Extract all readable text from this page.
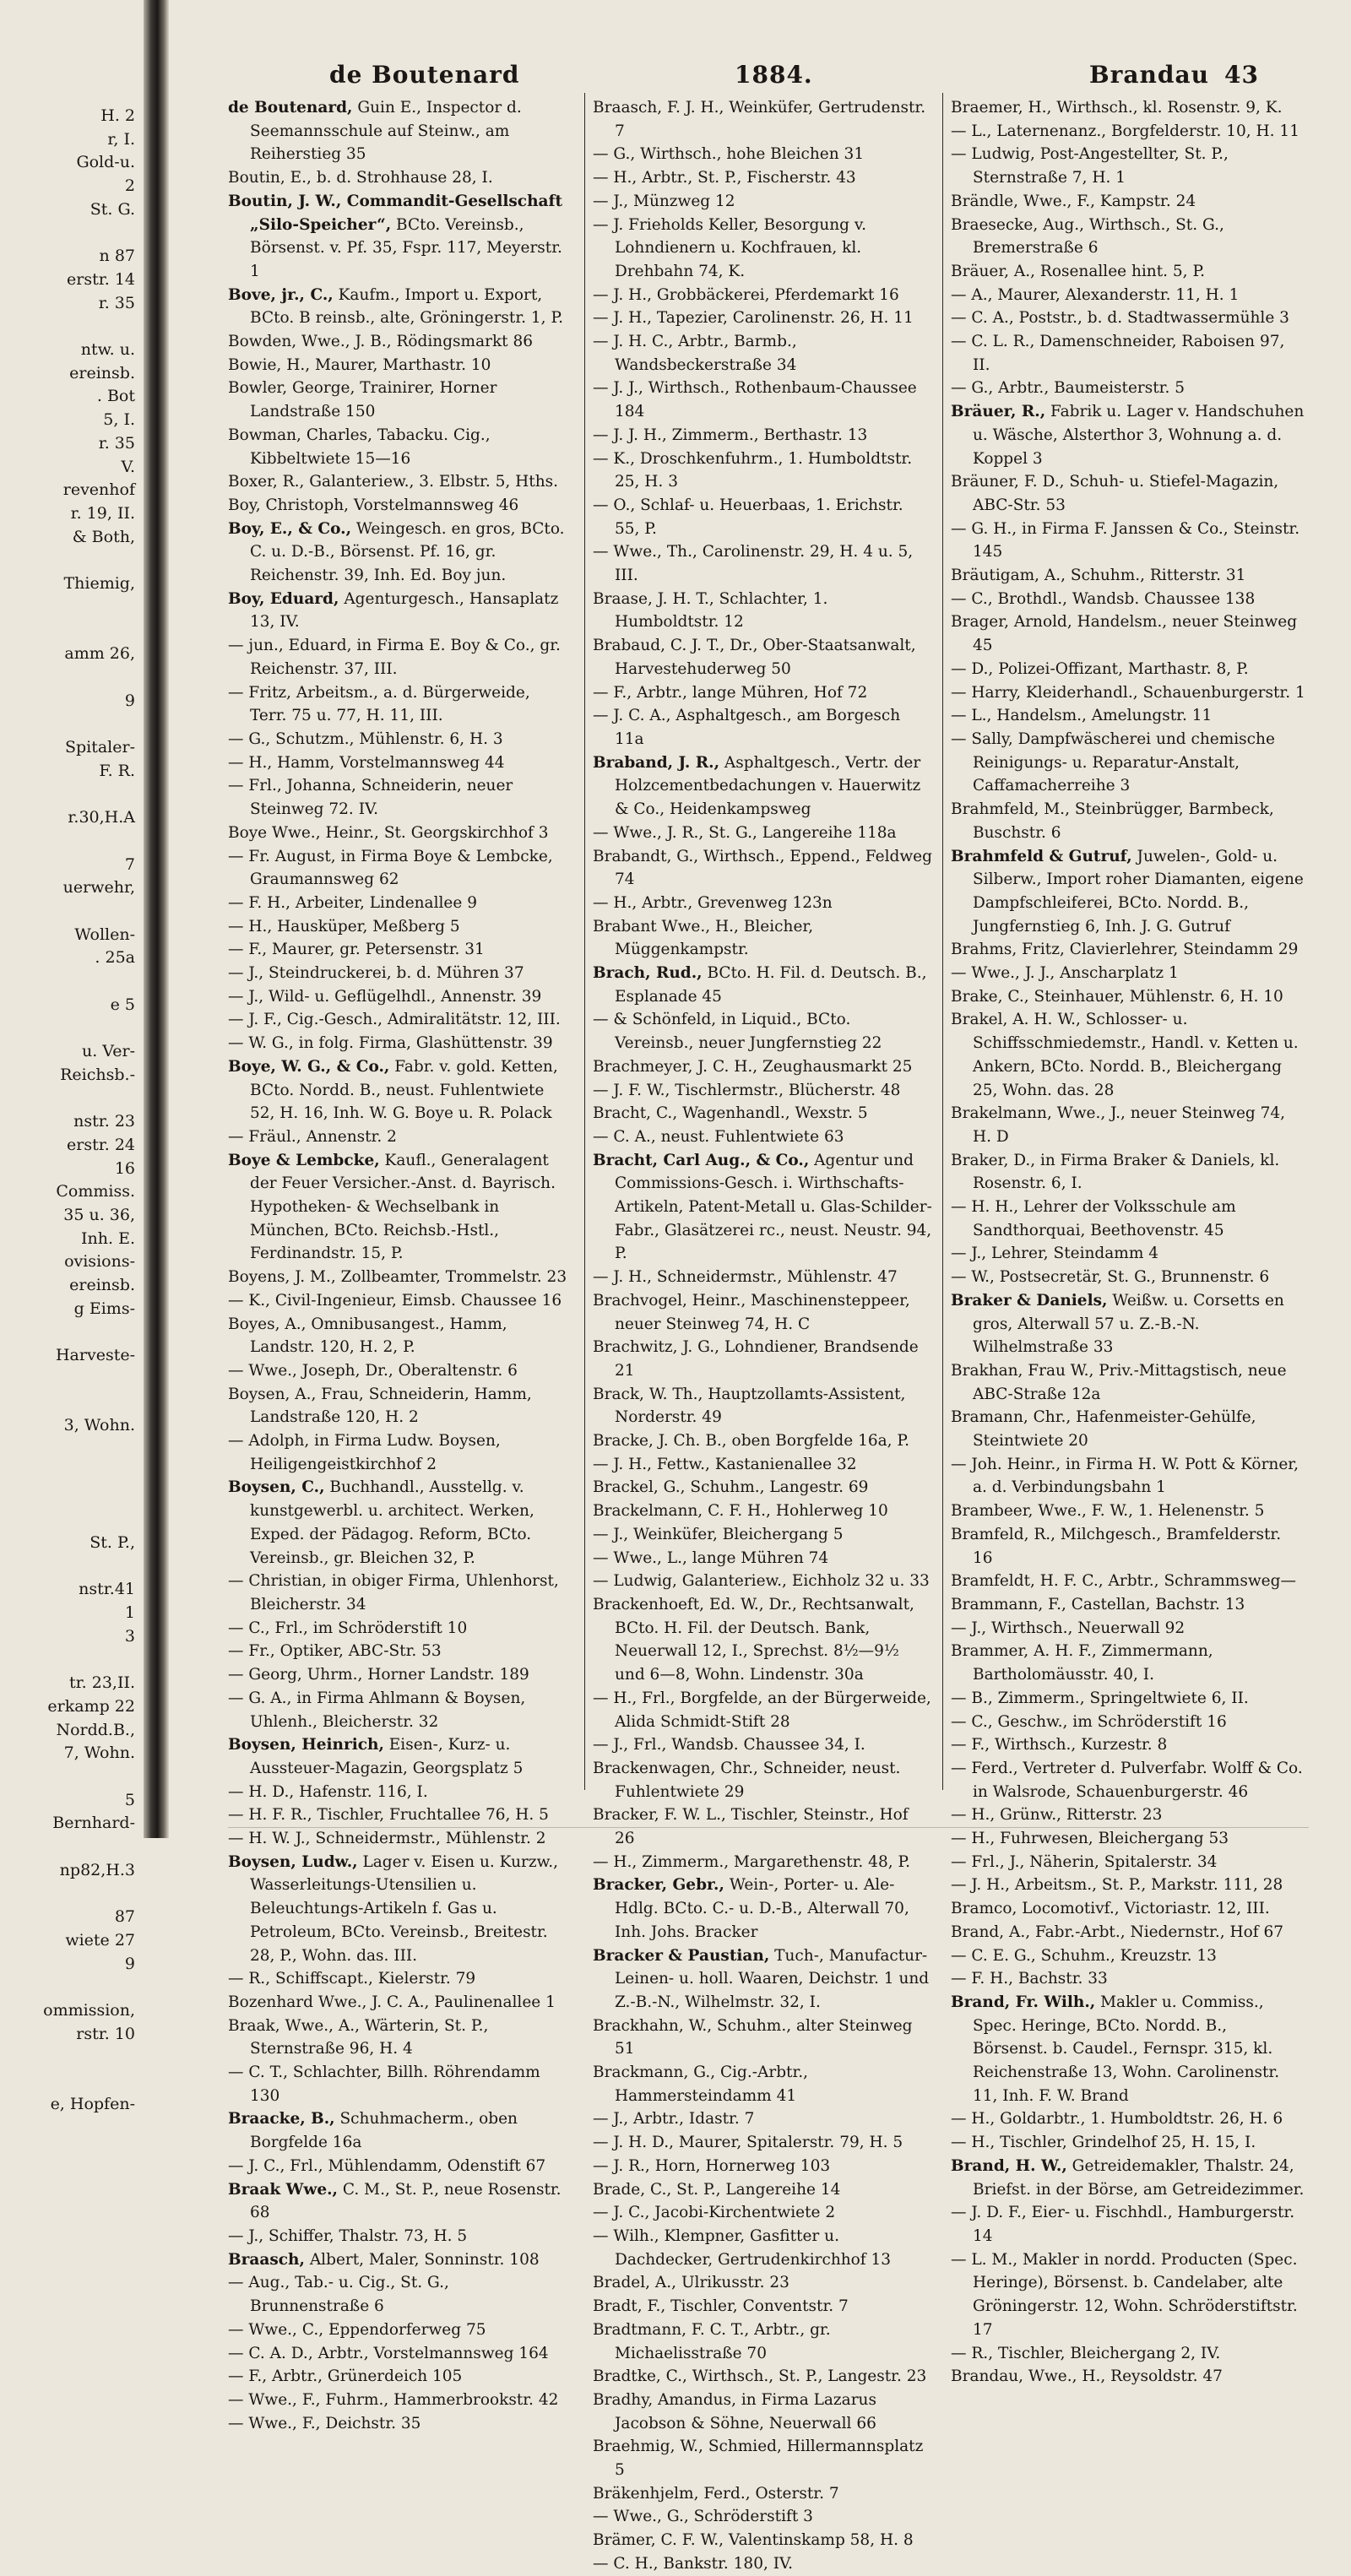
H. 2
r, I.
Gold-u.
2
St. G.

n 87
erstr. 14
r. 35

ntw. u.
ereinsb.
. Bot
5, I.
r. 35
V.
revenhof
r. 19, II.
& Both,

Thiemig,

amm 26,

9

Spitaler-
F. R.

r.30,H.A

7
uerwehr,

Wollen-
. 25a

e 5

u. Ver-
Reichsb.-

nstr. 23
erstr. 24
16
Commiss.
35 u. 36,
Inh. E.
ovisions-
ereinsb.
g Eims-

Harveste-

3, Wohn.

St. P.,

nstr.41
1
3

tr. 23,II.
erkamp 22
Nordd.B.,
7, Wohn.

5
Bernhard-

np82,H.3

87
wiete 27
9

ommission,
rstr. 10

e, Hopfen-
de Boutenard	1884.	Brandau 43
de Boutenard, Guin E., Inspector d. Seemannsschule auf Steinw., am Reiherstieg 35
Boutin, E., b. d. Strohhause 28, I.
Boutin, J. W., Commandit-Gesellschaft „Silo-Speicher“, BCto. Vereinsb., Börsenst. v. Pf. 35, Fspr. 117, Meyerstr. 1
Bove, jr., C., Kaufm., Import u. Export, BCto. B reinsb., alte, Gröningerstr. 1, P.
Bowden, Wwe., J. B., Rödingsmarkt 86
Bowie, H., Maurer, Marthastr. 10
Bowler, George, Trainirer, Horner Landstraße 150
Bowman, Charles, Tabacku. Cig., Kibbeltwiete 15—16
Boxer, R., Galanteriew., 3. Elbstr. 5, Hths.
Boy, Christoph, Vorstelmannsweg 46
Boy, E., & Co., Weingesch. en gros, BCto. C. u. D.-B., Börsenst. Pf. 16, gr. Reichenstr. 39, Inh. Ed. Boy jun.
Boy, Eduard, Agenturgesch., Hansaplatz 13, IV.
— jun., Eduard, in Firma E. Boy & Co., gr. Reichenstr. 37, III.
— Fritz, Arbeitsm., a. d. Bürgerweide, Terr. 75 u. 77, H. 11, III.
— G., Schutzm., Mühlenstr. 6, H. 3
— H., Hamm, Vorstelmannsweg 44
— Frl., Johanna, Schneiderin, neuer Steinweg 72. IV.
Boye Wwe., Heinr., St. Georgskirchhof 3
— Fr. August, in Firma Boye & Lembcke, Graumannsweg 62
— F. H., Arbeiter, Lindenallee 9
— H., Hausküper, Meßberg 5
— F., Maurer, gr. Petersenstr. 31
— J., Steindruckerei, b. d. Mühren 37
— J., Wild- u. Geflügelhdl., Annenstr. 39
— J. F., Cig.-Gesch., Admiralitätstr. 12, III.
— W. G., in folg. Firma, Glashüttenstr. 39
Boye, W. G., & Co., Fabr. v. gold. Ketten, BCto. Nordd. B., neust. Fuhlentwiete 52, H. 16, Inh. W. G. Boye u. R. Polack
— Fräul., Annenstr. 2
Boye & Lembcke, Kaufl., Generalagent der Feuer Versicher.-Anst. d. Bayrisch. Hypotheken- & Wechselbank in München, BCto. Reichsb.-Hstl., Ferdinandstr. 15, P.
Boyens, J. M., Zollbeamter, Trommelstr. 23
— K., Civil-Ingenieur, Eimsb. Chaussee 16
Boyes, A., Omnibusangest., Hamm, Landstr. 120, H. 2, P.
— Wwe., Joseph, Dr., Oberaltenstr. 6
Boysen, A., Frau, Schneiderin, Hamm, Landstraße 120, H. 2
— Adolph, in Firma Ludw. Boysen, Heiligengeistkirchhof 2
Boysen, C., Buchhandl., Ausstellg. v. kunstgewerbl. u. architect. Werken, Exped. der Pädagog. Reform, BCto. Vereinsb., gr. Bleichen 32, P.
— Christian, in obiger Firma, Uhlenhorst, Bleicherstr. 34
— C., Frl., im Schröderstift 10
— Fr., Optiker, ABC-Str. 53
— Georg, Uhrm., Horner Landstr. 189
— G. A., in Firma Ahlmann & Boysen, Uhlenh., Bleicherstr. 32
Boysen, Heinrich, Eisen-, Kurz- u. Aussteuer-Magazin, Georgsplatz 5
— H. D., Hafenstr. 116, I.
— H. F. R., Tischler, Fruchtallee 76, H. 5
— H. W. J., Schneidermstr., Mühlenstr. 2
Boysen, Ludw., Lager v. Eisen u. Kurzw., Wasserleitungs-Utensilien u. Beleuchtungs-Artikeln f. Gas u. Petroleum, BCto. Vereinsb., Breitestr. 28, P., Wohn. das. III.
— R., Schiffscapt., Kielerstr. 79
Bozenhard Wwe., J. C. A., Paulinenallee 1
Braak, Wwe., A., Wärterin, St. P., Sternstraße 96, H. 4
— C. T., Schlachter, Billh. Röhrendamm 130
Braacke, B., Schuhmacherm., oben Borgfelde 16a
— J. C., Frl., Mühlendamm, Odenstift 67
Braak Wwe., C. M., St. P., neue Rosenstr. 68
— J., Schiffer, Thalstr. 73, H. 5
Braasch, Albert, Maler, Sonninstr. 108
— Aug., Tab.- u. Cig., St. G., Brunnenstraße 6
— Wwe., C., Eppendorferweg 75
— C. A. D., Arbtr., Vorstelmannsweg 164
— F., Arbtr., Grünerdeich 105
— Wwe., F., Fuhrm., Hammerbrookstr. 42
— Wwe., F., Deichstr. 35
Braasch, F. J. H., Weinküfer, Gertrudenstr. 7
— G., Wirthsch., hohe Bleichen 31
— H., Arbtr., St. P., Fischerstr. 43
— J., Münzweg 12
— J. Frieholds Keller, Besorgung v. Lohndienern u. Kochfrauen, kl. Drehbahn 74, K.
— J. H., Grobbäckerei, Pferdemarkt 16
— J. H., Tapezier, Carolinenstr. 26, H. 11
— J. H. C., Arbtr., Barmb., Wandsbeckerstraße 34
— J. J., Wirthsch., Rothenbaum-Chaussee 184
— J. J. H., Zimmerm., Berthastr. 13
— K., Droschkenfuhrm., 1. Humboldtstr. 25, H. 3
— O., Schlaf- u. Heuerbaas, 1. Erichstr. 55, P.
— Wwe., Th., Carolinenstr. 29, H. 4 u. 5, III.
Braase, J. H. T., Schlachter, 1. Humboldtstr. 12
Brabaud, C. J. T., Dr., Ober-Staatsanwalt, Harvestehuderweg 50
— F., Arbtr., lange Mühren, Hof 72
— J. C. A., Asphaltgesch., am Borgesch 11a
Braband, J. R., Asphaltgesch., Vertr. der Holzcementbedachungen v. Hauerwitz & Co., Heidenkampsweg
— Wwe., J. R., St. G., Langereihe 118a
Brabandt, G., Wirthsch., Eppend., Feldweg 74
— H., Arbtr., Grevenweg 123n
Brabant Wwe., H., Bleicher, Müggenkampstr.
Brach, Rud., BCto. H. Fil. d. Deutsch. B., Esplanade 45
— & Schönfeld, in Liquid., BCto. Vereinsb., neuer Jungfernstieg 22
Brachmeyer, J. C. H., Zeughausmarkt 25
— J. F. W., Tischlermstr., Blücherstr. 48
Bracht, C., Wagenhandl., Wexstr. 5
— C. A., neust. Fuhlentwiete 63
Bracht, Carl Aug., & Co., Agentur und Commissions-Gesch. i. Wirthschafts-Artikeln, Patent-Metall u. Glas-Schilder-Fabr., Glasätzerei rc., neust. Neustr. 94, P.
— J. H., Schneidermstr., Mühlenstr. 47
Brachvogel, Heinr., Maschinensteppeer, neuer Steinweg 74, H. C
Brachwitz, J. G., Lohndiener, Brandsende 21
Brack, W. Th., Hauptzollamts-Assistent, Norderstr. 49
Bracke, J. Ch. B., oben Borgfelde 16a, P.
— J. H., Fettw., Kastanienallee 32
Brackel, G., Schuhm., Langestr. 69
Brackelmann, C. F. H., Hohlerweg 10
— J., Weinküfer, Bleichergang 5
— Wwe., L., lange Mühren 74
— Ludwig, Galanteriew., Eichholz 32 u. 33
Brackenhoeft, Ed. W., Dr., Rechtsanwalt, BCto. H. Fil. der Deutsch. Bank, Neuerwall 12, I., Sprechst. 8½—9½ und 6—8, Wohn. Lindenstr. 30a
— H., Frl., Borgfelde, an der Bürgerweide, Alida Schmidt-Stift 28
— J., Frl., Wandsb. Chaussee 34, I.
Brackenwagen, Chr., Schneider, neust. Fuhlentwiete 29
Bracker, F. W. L., Tischler, Steinstr., Hof 26
— H., Zimmerm., Margarethenstr. 48, P.
Bracker, Gebr., Wein-, Porter- u. Ale-Hdlg. BCto. C.- u. D.-B., Alterwall 70, Inh. Johs. Bracker
Bracker & Paustian, Tuch-, Manufactur-Leinen- u. holl. Waaren, Deichstr. 1 und Z.-B.-N., Wilhelmstr. 32, I.
Brackhahn, W., Schuhm., alter Steinweg 51
Brackmann, G., Cig.-Arbtr., Hammersteindamm 41
— J., Arbtr., Idastr. 7
— J. H. D., Maurer, Spitalerstr. 79, H. 5
— J. R., Horn, Hornerweg 103
Brade, C., St. P., Langereihe 14
— J. C., Jacobi-Kirchentwiete 2
— Wilh., Klempner, Gasfitter u. Dachdecker, Gertrudenkirchhof 13
Bradel, A., Ulrikusstr. 23
Bradt, F., Tischler, Conventstr. 7
Bradtmann, F. C. T., Arbtr., gr. Michaelisstraße 70
Bradtke, C., Wirthsch., St. P., Langestr. 23
Bradhy, Amandus, in Firma Lazarus Jacobson & Söhne, Neuerwall 66
Braehmig, W., Schmied, Hillermannsplatz 5
Bräkenhjelm, Ferd., Osterstr. 7
— Wwe., G., Schröderstift 3
Brämer, C. F. W., Valentinskamp 58, H. 8
— C. H., Bankstr. 180, IV.
Braemer, H., Wirthsch., kl. Rosenstr. 9, K.
— L., Laternenanz., Borgfelderstr. 10, H. 11
— Ludwig, Post-Angestellter, St. P., Sternstraße 7, H. 1
Brändle, Wwe., F., Kampstr. 24
Braesecke, Aug., Wirthsch., St. G., Bremerstraße 6
Bräuer, A., Rosenallee hint. 5, P.
— A., Maurer, Alexanderstr. 11, H. 1
— C. A., Poststr., b. d. Stadtwassermühle 3
— C. L. R., Damenschneider, Raboisen 97, II.
— G., Arbtr., Baumeisterstr. 5
Bräuer, R., Fabrik u. Lager v. Handschuhen u. Wäsche, Alsterthor 3, Wohnung a. d. Koppel 3
Bräuner, F. D., Schuh- u. Stiefel-Magazin, ABC-Str. 53
— G. H., in Firma F. Janssen & Co., Steinstr. 145
Bräutigam, A., Schuhm., Ritterstr. 31
— C., Brothdl., Wandsb. Chaussee 138
Brager, Arnold, Handelsm., neuer Steinweg 45
— D., Polizei-Offizant, Marthastr. 8, P.
— Harry, Kleiderhandl., Schauenburgerstr. 1
— L., Handelsm., Amelungstr. 11
— Sally, Dampfwäscherei und chemische Reinigungs- u. Reparatur-Anstalt, Caffamacherreihe 3
Brahmfeld, M., Steinbrügger, Barmbeck, Buschstr. 6
Brahmfeld & Gutruf, Juwelen-, Gold- u. Silberw., Import roher Diamanten, eigene Dampfschleiferei, BCto. Nordd. B., Jungfernstieg 6, Inh. J. G. Gutruf
Brahms, Fritz, Clavierlehrer, Steindamm 29
— Wwe., J. J., Anscharplatz 1
Brake, C., Steinhauer, Mühlenstr. 6, H. 10
Brakel, A. H. W., Schlosser- u. Schiffsschmiedemstr., Handl. v. Ketten u. Ankern, BCto. Nordd. B., Bleichergang 25, Wohn. das. 28
Brakelmann, Wwe., J., neuer Steinweg 74, H. D
Braker, D., in Firma Braker & Daniels, kl. Rosenstr. 6, I.
— H. H., Lehrer der Volksschule am Sandthorquai, Beethovenstr. 45
— J., Lehrer, Steindamm 4
— W., Postsecretär, St. G., Brunnenstr. 6
Braker & Daniels, Weißw. u. Corsetts en gros, Alterwall 57 u. Z.-B.-N. Wilhelmstraße 33
Brakhan, Frau W., Priv.-Mittagstisch, neue ABC-Straße 12a
Bramann, Chr., Hafenmeister-Gehülfe, Steintwiete 20
— Joh. Heinr., in Firma H. W. Pott & Körner, a. d. Verbindungsbahn 1
Brambeer, Wwe., F. W., 1. Helenenstr. 5
Bramfeld, R., Milchgesch., Bramfelderstr. 16
Bramfeldt, H. F. C., Arbtr., Schrammsweg—
Brammann, F., Castellan, Bachstr. 13
— J., Wirthsch., Neuerwall 92
Brammer, A. H. F., Zimmermann, Bartholomäusstr. 40, I.
— B., Zimmerm., Springeltwiete 6, II.
— C., Geschw., im Schröderstift 16
— F., Wirthsch., Kurzestr. 8
— Ferd., Vertreter d. Pulverfabr. Wolff & Co. in Walsrode, Schauenburgerstr. 46
— H., Grünw., Ritterstr. 23
— H., Fuhrwesen, Bleichergang 53
— Frl., J., Näherin, Spitalerstr. 34
— J. H., Arbeitsm., St. P., Markstr. 111, 28
Bramco, Locomotivf., Victoriastr. 12, III.
Brand, A., Fabr.-Arbt., Niedernstr., Hof 67
— C. E. G., Schuhm., Kreuzstr. 13
— F. H., Bachstr. 33
Brand, Fr. Wilh., Makler u. Commiss., Spec. Heringe, BCto. Nordd. B., Börsenst. b. Caudel., Fernspr. 315, kl. Reichenstraße 13, Wohn. Carolinenstr. 11, Inh. F. W. Brand
— H., Goldarbtr., 1. Humboldtstr. 26, H. 6
— H., Tischler, Grindelhof 25, H. 15, I.
Brand, H. W., Getreidemakler, Thalstr. 24, Briefst. in der Börse, am Getreidezimmer.
— J. D. F., Eier- u. Fischhdl., Hamburgerstr. 14
— L. M., Makler in nordd. Producten (Spec. Heringe), Börsenst. b. Candelaber, alte Gröningerstr. 12, Wohn. Schröderstiftstr. 17
— R., Tischler, Bleichergang 2, IV.
Brandau, Wwe., H., Reysoldstr. 47
